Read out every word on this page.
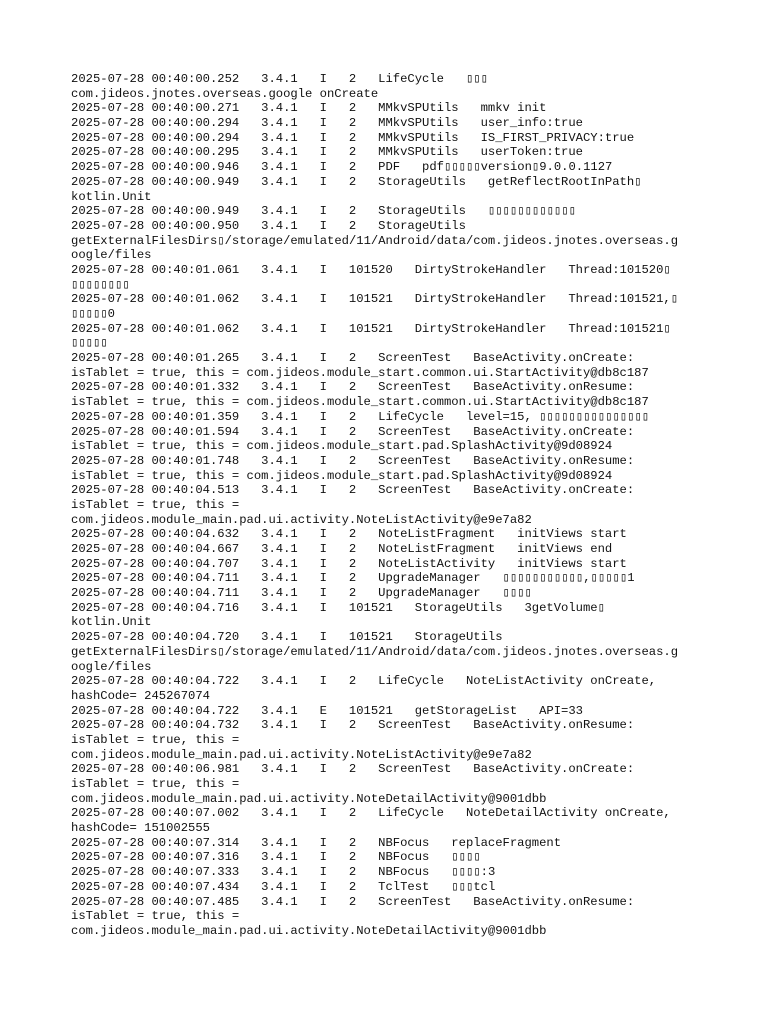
2025-07-28 00:40:00.252   3.4.1   I   2   LifeCycle   ▯▯▯
com.jideos.jnotes.overseas.google onCreate
2025-07-28 00:40:00.271   3.4.1   I   2   MMkvSPUtils   mmkv init
2025-07-28 00:40:00.294   3.4.1   I   2   MMkvSPUtils   user_info:true
2025-07-28 00:40:00.294   3.4.1   I   2   MMkvSPUtils   IS_FIRST_PRIVACY:true
2025-07-28 00:40:00.295   3.4.1   I   2   MMkvSPUtils   userToken:true
2025-07-28 00:40:00.946   3.4.1   I   2   PDF   pdf▯▯▯▯▯version▯9.0.0.1127
2025-07-28 00:40:00.949   3.4.1   I   2   StorageUtils   getReflectRootInPath▯
kotlin.Unit
2025-07-28 00:40:00.949   3.4.1   I   2   StorageUtils   ▯▯▯▯▯▯▯▯▯▯▯▯
2025-07-28 00:40:00.950   3.4.1   I   2   StorageUtils
getExternalFilesDirs▯/storage/emulated/11/Android/data/com.jideos.jnotes.overseas.g
oogle/files
2025-07-28 00:40:01.061   3.4.1   I   101520   DirtyStrokeHandler   Thread:101520▯
▯▯▯▯▯▯▯▯
2025-07-28 00:40:01.062   3.4.1   I   101521   DirtyStrokeHandler   Thread:101521,▯
▯▯▯▯▯0
2025-07-28 00:40:01.062   3.4.1   I   101521   DirtyStrokeHandler   Thread:101521▯
▯▯▯▯▯
2025-07-28 00:40:01.265   3.4.1   I   2   ScreenTest   BaseActivity.onCreate:
isTablet = true, this = com.jideos.module_start.common.ui.StartActivity@db8c187
2025-07-28 00:40:01.332   3.4.1   I   2   ScreenTest   BaseActivity.onResume:
isTablet = true, this = com.jideos.module_start.common.ui.StartActivity@db8c187
2025-07-28 00:40:01.359   3.4.1   I   2   LifeCycle   level=15, ▯▯▯▯▯▯▯▯▯▯▯▯▯▯▯
2025-07-28 00:40:01.594   3.4.1   I   2   ScreenTest   BaseActivity.onCreate:
isTablet = true, this = com.jideos.module_start.pad.SplashActivity@9d08924
2025-07-28 00:40:01.748   3.4.1   I   2   ScreenTest   BaseActivity.onResume:
isTablet = true, this = com.jideos.module_start.pad.SplashActivity@9d08924
2025-07-28 00:40:04.513   3.4.1   I   2   ScreenTest   BaseActivity.onCreate:
isTablet = true, this =
com.jideos.module_main.pad.ui.activity.NoteListActivity@e9e7a82
2025-07-28 00:40:04.632   3.4.1   I   2   NoteListFragment   initViews start
2025-07-28 00:40:04.667   3.4.1   I   2   NoteListFragment   initViews end
2025-07-28 00:40:04.707   3.4.1   I   2   NoteListActivity   initViews start
2025-07-28 00:40:04.711   3.4.1   I   2   UpgradeManager   ▯▯▯▯▯▯▯▯▯▯▯,▯▯▯▯▯1
2025-07-28 00:40:04.711   3.4.1   I   2   UpgradeManager   ▯▯▯▯
2025-07-28 00:40:04.716   3.4.1   I   101521   StorageUtils   3getVolume▯
kotlin.Unit
2025-07-28 00:40:04.720   3.4.1   I   101521   StorageUtils
getExternalFilesDirs▯/storage/emulated/11/Android/data/com.jideos.jnotes.overseas.g
oogle/files
2025-07-28 00:40:04.722   3.4.1   I   2   LifeCycle   NoteListActivity onCreate,
hashCode= 245267074
2025-07-28 00:40:04.722   3.4.1   E   101521   getStorageList   API=33
2025-07-28 00:40:04.732   3.4.1   I   2   ScreenTest   BaseActivity.onResume:
isTablet = true, this =
com.jideos.module_main.pad.ui.activity.NoteListActivity@e9e7a82
2025-07-28 00:40:06.981   3.4.1   I   2   ScreenTest   BaseActivity.onCreate:
isTablet = true, this =
com.jideos.module_main.pad.ui.activity.NoteDetailActivity@9001dbb
2025-07-28 00:40:07.002   3.4.1   I   2   LifeCycle   NoteDetailActivity onCreate,
hashCode= 151002555
2025-07-28 00:40:07.314   3.4.1   I   2   NBFocus   replaceFragment
2025-07-28 00:40:07.316   3.4.1   I   2   NBFocus   ▯▯▯▯
2025-07-28 00:40:07.333   3.4.1   I   2   NBFocus   ▯▯▯▯:3
2025-07-28 00:40:07.434   3.4.1   I   2   TclTest   ▯▯▯tcl
2025-07-28 00:40:07.485   3.4.1   I   2   ScreenTest   BaseActivity.onResume:
isTablet = true, this =
com.jideos.module_main.pad.ui.activity.NoteDetailActivity@9001dbb
